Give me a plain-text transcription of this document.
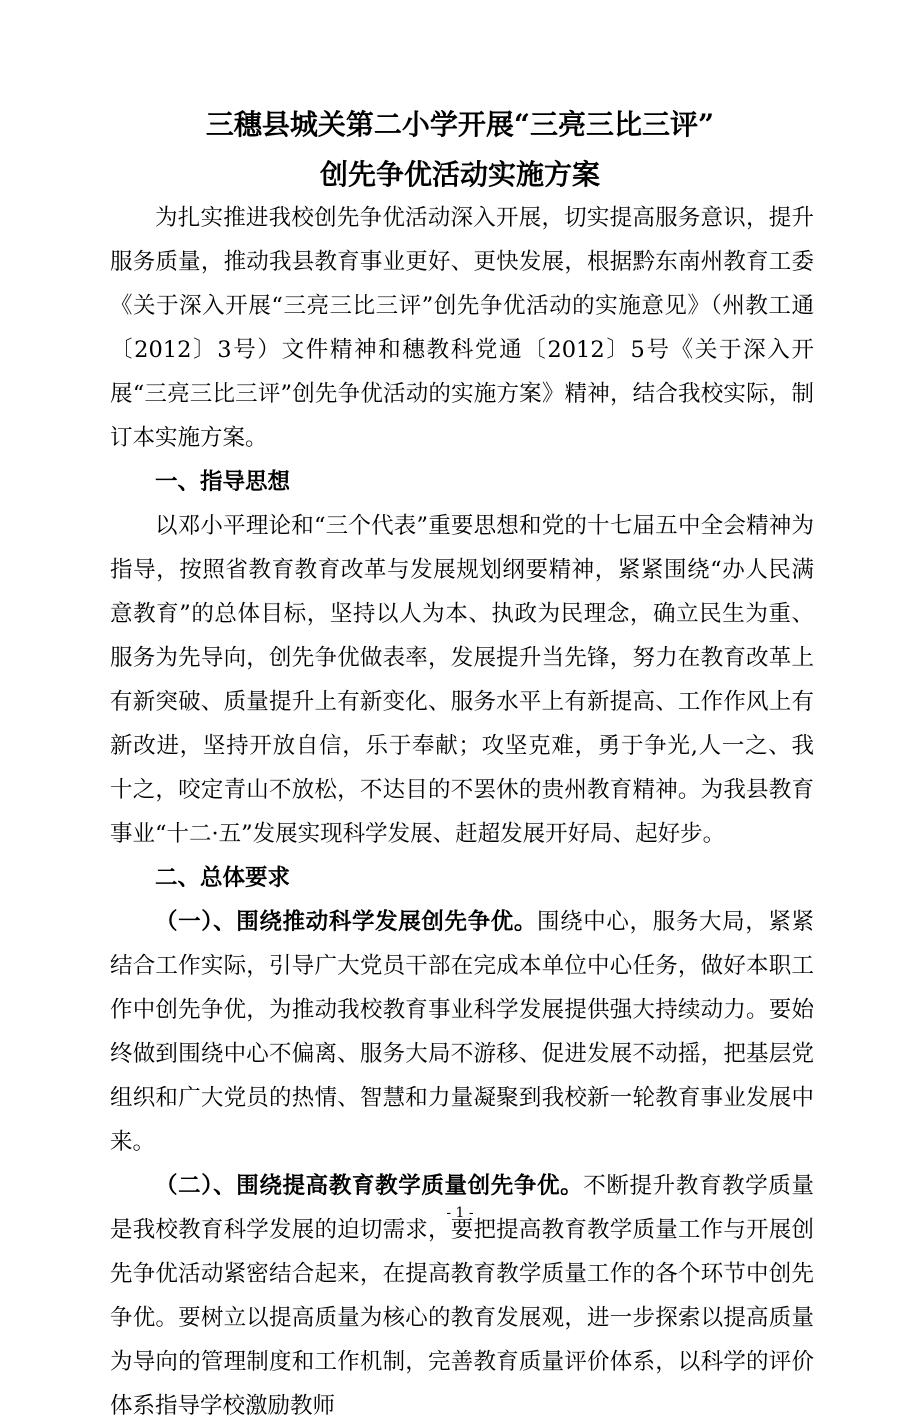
三穗县城关第二小学开展“三亮三比三评”
创先争优活动实施方案

为扎实推进我校创先争优活动深入开展，切实提高服务意识，提升服务质量，推动我县教育事业更好、更快发展，根据黔东南州教育工委《关于深入开展“三亮三比三评”创先争优活动的实施意见》（州教工通〔2012〕3号）文件精神和穗教科党通〔2012〕5号《关于深入开展“三亮三比三评”创先争优活动的实施方案》精神，结合我校实际，制订本实施方案。

一、指导思想

以邓小平理论和“三个代表”重要思想和党的十七届五中全会精神为指导，按照省教育教育改革与发展规划纲要精神，紧紧围绕“办人民满意教育”的总体目标，坚持以人为本、执政为民理念，确立民生为重、服务为先导向，创先争优做表率，发展提升当先锋，努力在教育改革上有新突破、质量提升上有新变化、服务水平上有新提高、工作作风上有新改进，坚持开放自信，乐于奉献；攻坚克难，勇于争光,人一之、我十之，咬定青山不放松，不达目的不罢休的贵州教育精神。为我县教育事业“十二·五”发展实现科学发展、赶超发展开好局、起好步。

二、总体要求

（一）、围绕推动科学发展创先争优。围绕中心，服务大局，紧紧结合工作实际，引导广大党员干部在完成本单位中心任务，做好本职工作中创先争优，为推动我校教育事业科学发展提供强大持续动力。要始终做到围绕中心不偏离、服务大局不游移、促进发展不动摇，把基层党组织和广大党员的热情、智慧和力量凝聚到我校新一轮教育事业发展中来。

（二）、围绕提高教育教学质量创先争优。不断提升教育教学质量是我校教育科学发展的迫切需求，要把提高教育教学质量工作与开展创先争优活动紧密结合起来，在提高教育教学质量工作的各个环节中创先争优。要树立以提高质量为核心的教育发展观，进一步探索以提高质量为导向的管理制度和工作机制，完善教育质量评价体系，以科学的评价体系指导学校激励教师

- 1 -
